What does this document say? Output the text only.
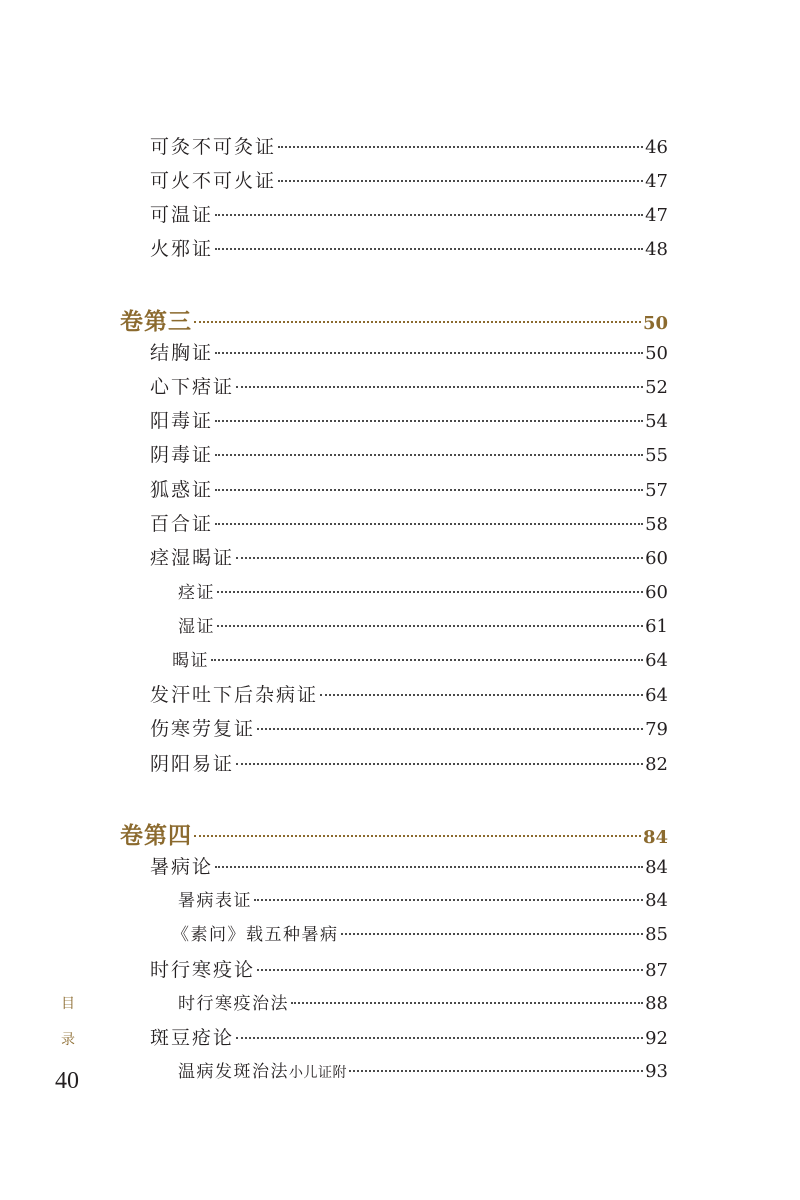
可灸不可灸证	46
可火不可火证	47
可温证	47
火邪证	48
卷第三	50
结胸证	50
心下痞证	52
阳毒证	54
阴毒证	55
狐惑证	57
百合证	58
痉湿暍证	60
痉证	60
湿证	61
暍证	64
发汗吐下后杂病证	64
伤寒劳复证	79
阴阳易证	82
卷第四	84
暑病论	84
暑病表证	84
《素问》载五种暑病	85
时行寒疫论	87
时行寒疫治法	88
斑豆疮论	92
温病发斑治法 小儿证附	93
目
录
40
